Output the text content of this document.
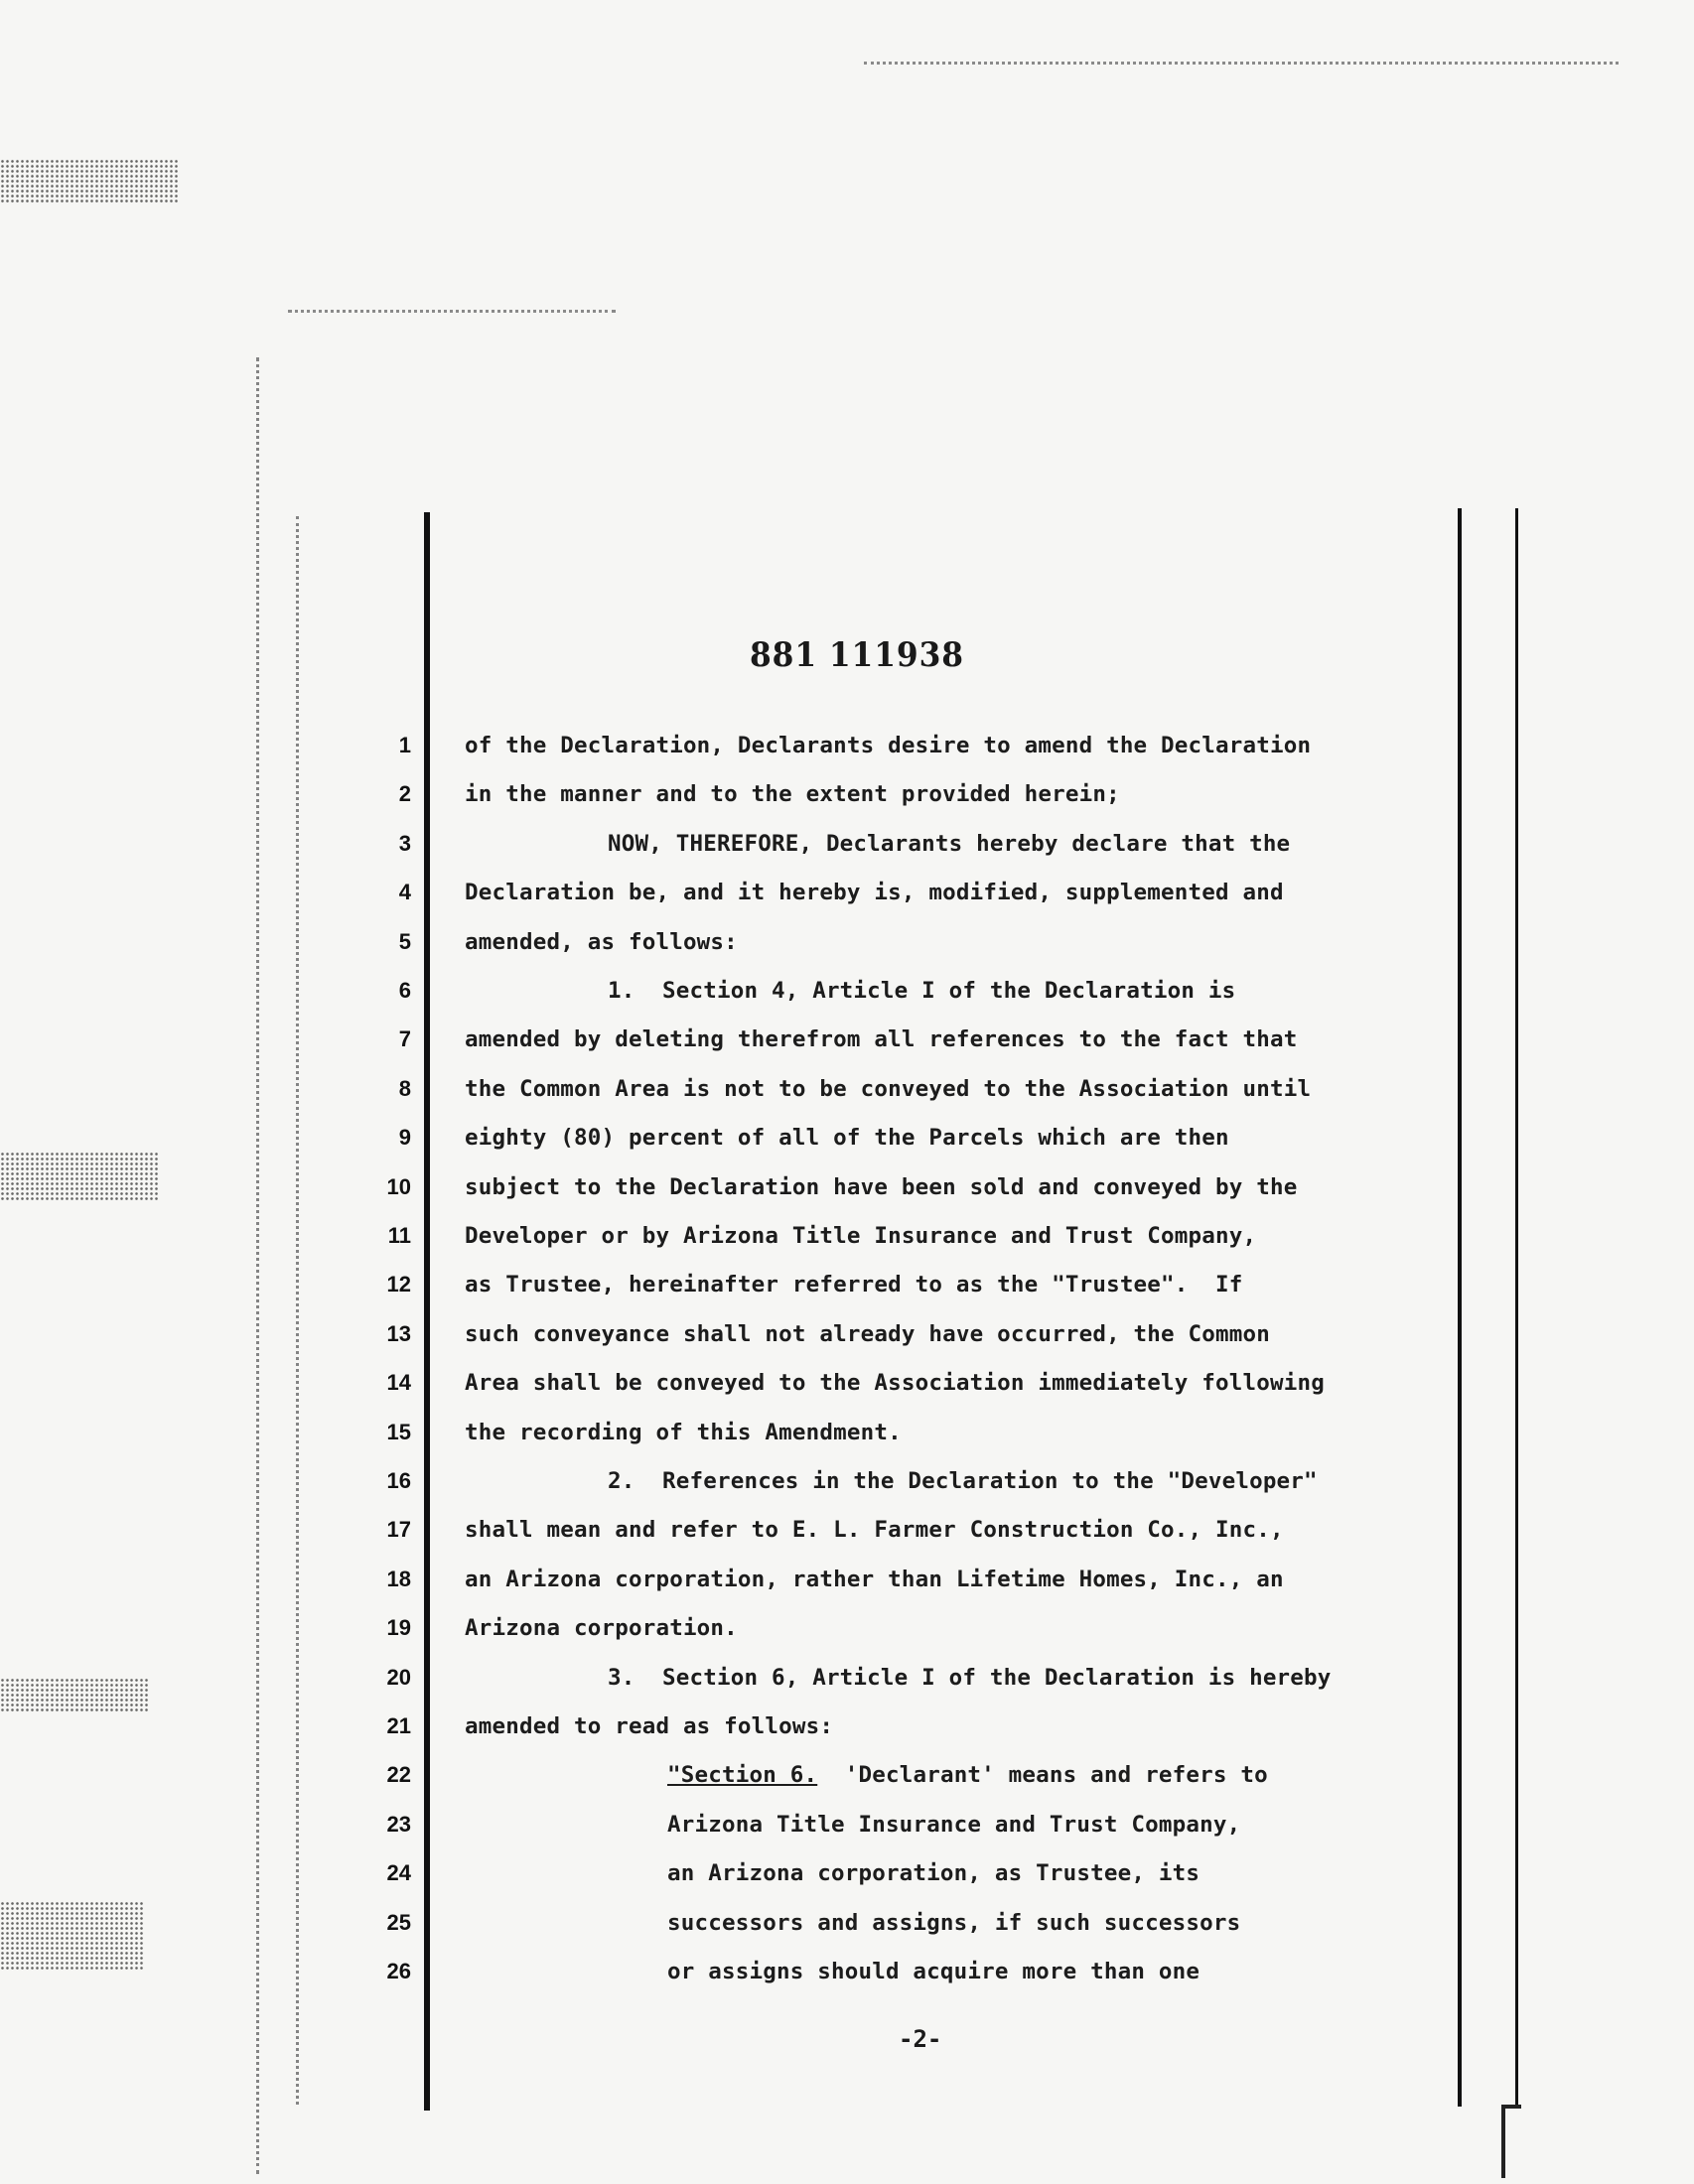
881 111938
1 of the Declaration, Declarants desire to amend the Declaration
2 in the manner and to the extent provided herein;
3	NOW, THEREFORE, Declarants hereby declare that the
4 Declaration be, and it hereby is, modified, supplemented and
5 amended, as follows:
6	1.  Section 4, Article I of the Declaration is
7 amended by deleting therefrom all references to the fact that
8 the Common Area is not to be conveyed to the Association until
9 eighty (80) percent of all of the Parcels which are then
10 subject to the Declaration have been sold and conveyed by the
11 Developer or by Arizona Title Insurance and Trust Company,
12 as Trustee, hereinafter referred to as the "Trustee".  If
13 such conveyance shall not already have occurred, the Common
14 Area shall be conveyed to the Association immediately following
15 the recording of this Amendment.
16	2.  References in the Declaration to the "Developer"
17 shall mean and refer to E. L. Farmer Construction Co., Inc.,
18 an Arizona corporation, rather than Lifetime Homes, Inc., an
19 Arizona corporation.
20	3.  Section 6, Article I of the Declaration is hereby
21 amended to read as follows:
22	"Section 6. 'Declarant' means and refers to
23	Arizona Title Insurance and Trust Company,
24	an Arizona corporation, as Trustee, its
25	successors and assigns, if such successors
26	or assigns should acquire more than one
-2-
